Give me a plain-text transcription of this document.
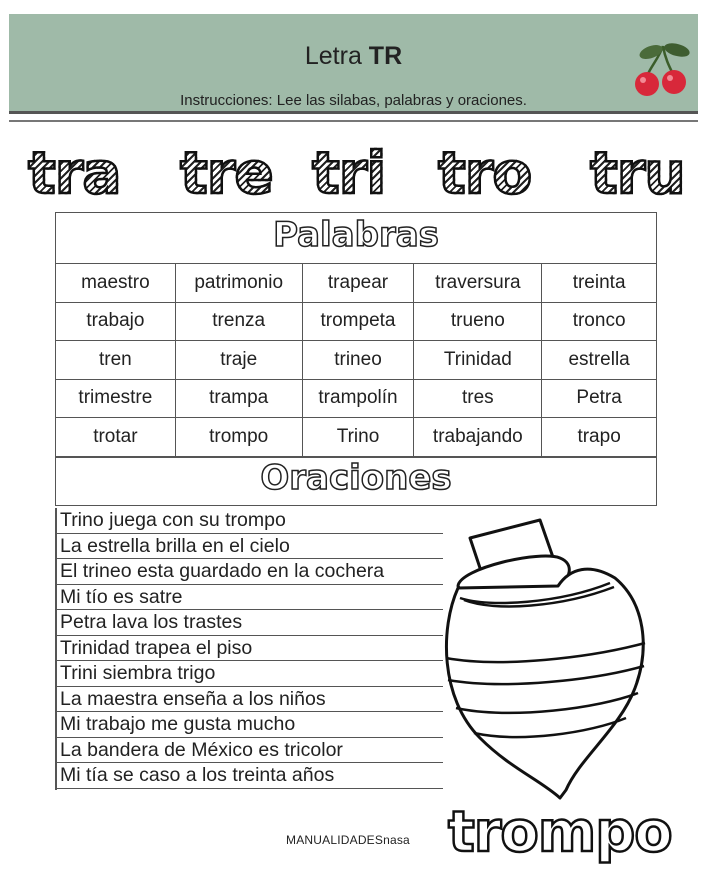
Letra TR
Instrucciones: Lee las silabas, palabras y oraciones.
tra tre tri tro tru
Palabras
maestro	patrimonio	trapear	traversura	treinta
trabajo	trenza	trompeta	trueno	tronco
tren	traje	trineo	Trinidad	estrella
trimestre	trampa	trampolín	tres	Petra
trotar	trompo	Trino	trabajando	trapo
Oraciones
Trino juega con su trompo
La estrella brilla en el cielo
El trineo esta guardado en la cochera
Mi tío es satre
Petra lava los trastes
Trinidad trapea el piso
Trini siembra trigo
La maestra enseña a los niños
Mi trabajo me gusta mucho
La bandera de México es tricolor
Mi tía se caso a los treinta años
MANUALIDADESnasa trompo
